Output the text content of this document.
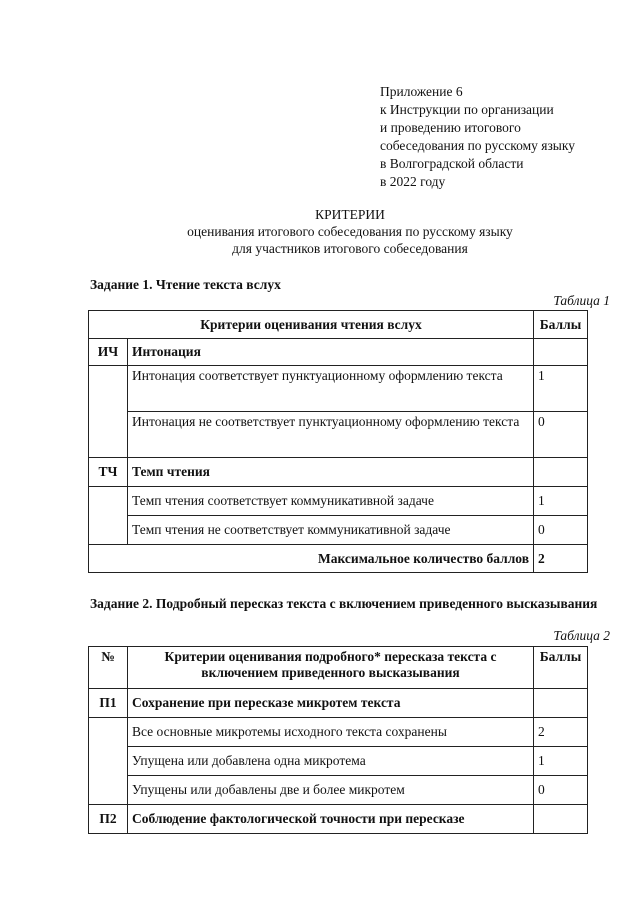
Приложение 6
к Инструкции по организации
и проведению итогового
собеседования по русскому языку
в Волгоградской области
в 2022 году
КРИТЕРИИ
оценивания итогового собеседования по русскому языку
для участников итогового собеседования
Задание 1. Чтение текста вслух
Таблица 1
Критерии оценивания чтения вслух		Баллы
ИЧ	Интонация	
	Интонация соответствует пунктуационному оформлению текста	1
	Интонация не соответствует пунктуационному оформлению текста	0
ТЧ	Темп чтения	
	Темп чтения соответствует коммуникативной задаче	1
	Темп чтения не соответствует коммуникативной задаче	0
Максимальное количество баллов		2
Задание 2. Подробный пересказ текста с включением приведенного высказывания
Таблица 2
№	Критерии оценивания подробного* пересказа текста с включением приведенного высказывания	Баллы
П1	Сохранение при пересказе микротем текста	
	Все основные микротемы исходного текста сохранены	2
	Упущена или добавлена одна микротема	1
	Упущены или добавлены две и более микротем	0
П2	Соблюдение фактологической точности при пересказе	
